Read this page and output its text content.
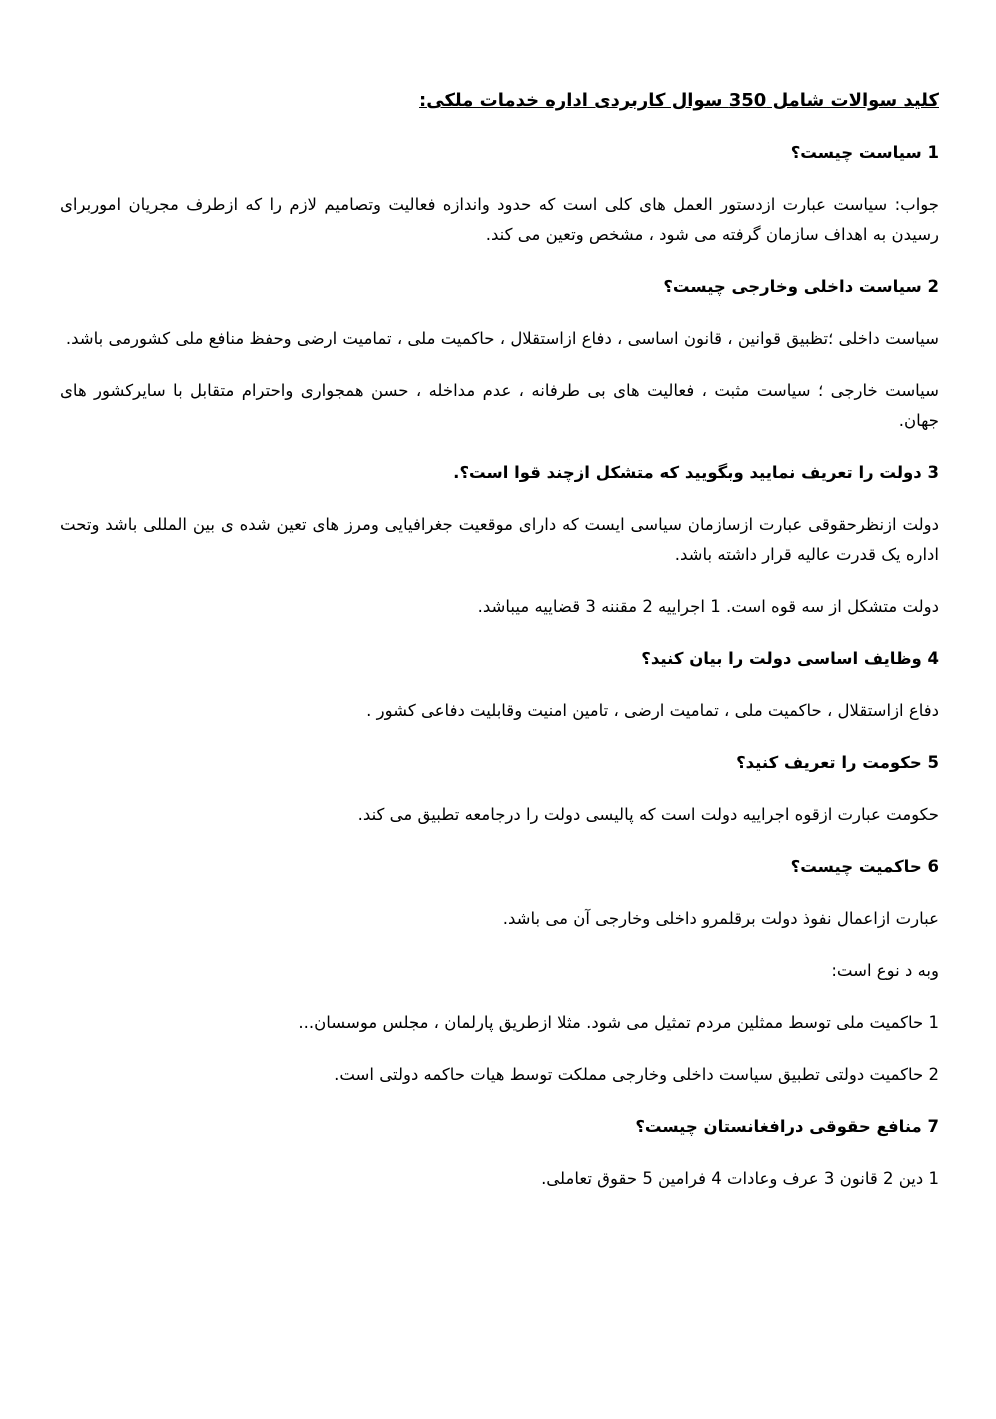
کلید سوالات شامل 350 سوال کاربردی اداره خدمات ملکی:

1 سیاست چیست؟

جواب: سیاست عبارت ازدستور العمل های کلی است که حدود واندازه فعالیت وتصامیم لازم را که ازطرف مجریان اموربرای رسیدن به اهداف سازمان گرفته می شود ، مشخص وتعین می کند.

2 سیاست داخلی وخارجی چیست؟

سیاست داخلی ؛تظبیق قوانین ، قانون اساسی ، دفاع ازاستقلال ، حاکمیت ملی ، تمامیت ارضی وحفظ منافع ملی کشورمی باشد.

سیاست خارجی ؛ سیاست مثبت ، فعالیت های بی طرفانه ، عدم مداخله ، حسن همجواری واحترام متقابل با سایرکشور های جهان.

3 دولت را تعریف نمایید وبگویید که متشکل ازچند قوا است؟.

دولت ازنظرحقوقی عبارت ازسازمان سیاسی ایست که دارای موقعیت جغرافیایی ومرز های تعین شده ی بین المللی باشد وتحت اداره یک قدرت عالیه قرار داشته باشد.

دولت متشکل از سه قوه است. 1 اجراییه 2 مقننه 3 قضاییه میباشد.

4 وظایف اساسی دولت را بیان کنید؟

دفاع ازاستقلال ، حاکمیت ملی ، تمامیت ارضی ، تامین امنیت وقابلیت دفاعی کشور .

5 حکومت را تعریف کنید؟

حکومت عبارت ازقوه اجراییه دولت است که پالیسی دولت را درجامعه تطبیق می کند.

6 حاکمیت چیست؟

عبارت ازاعمال نفوذ دولت برقلمرو داخلی وخارجی آن می باشد.

وبه د نوع است:

1 حاکمیت ملی توسط ممثلین مردم تمثیل می شود. مثلا ازطریق پارلمان ، مجلس موسسان...

2 حاکمیت دولتی تطبیق سیاست داخلی وخارجی مملکت توسط هیات حاکمه دولتی است.

7 منافع حقوقی درافغانستان چیست؟

1 دین 2 قانون 3 عرف وعادات 4 فرامین 5 حقوق تعاملی.
